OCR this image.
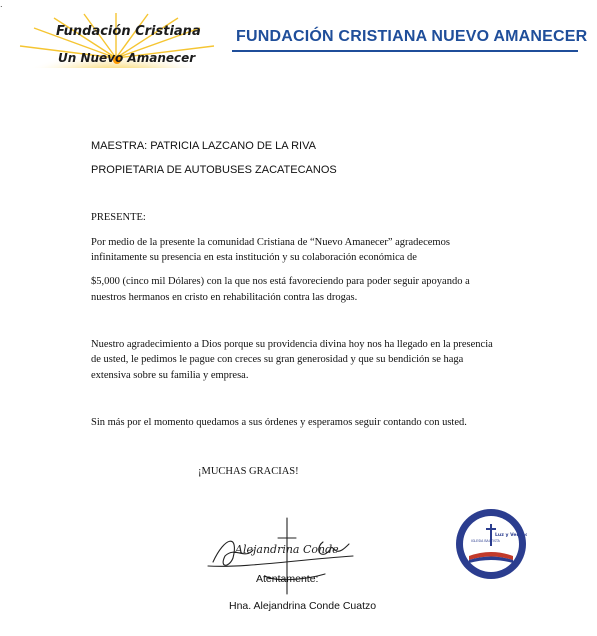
.
Fundación Cristiana
Un Nuevo Amanecer
FUNDACIÓN CRISTIANA NUEVO AMANECER
MAESTRA: PATRICIA LAZCANO DE LA RIVA
PROPIETARIA DE AUTOBUSES ZACATECANOS
PRESENTE:
Por medio de la presente la comunidad Cristiana de “Nuevo Amanecer” agradecemos
infinitamente su presencia en esta institución y su colaboración económica de
$5,000 (cinco mil Dólares) con la que nos está favoreciendo para poder seguir apoyando a
nuestros hermanos en cristo en rehabilitación contra las drogas.
Nuestro agradecimiento a Dios porque su providencia divina hoy nos ha llegado en la presencia
de usted, le pedimos le pague con creces su gran generosidad y que su bendición se haga
extensiva sobre su familia y empresa.
Sin más por el momento quedamos a sus órdenes y esperamos seguir contando con usted.
¡MUCHAS GRACIAS!
Alejandrina Conde
Atentamente:
Hna. Alejandrina Conde Cuatzo
IGLESIA BAUTISTA
Luz y Verdad
